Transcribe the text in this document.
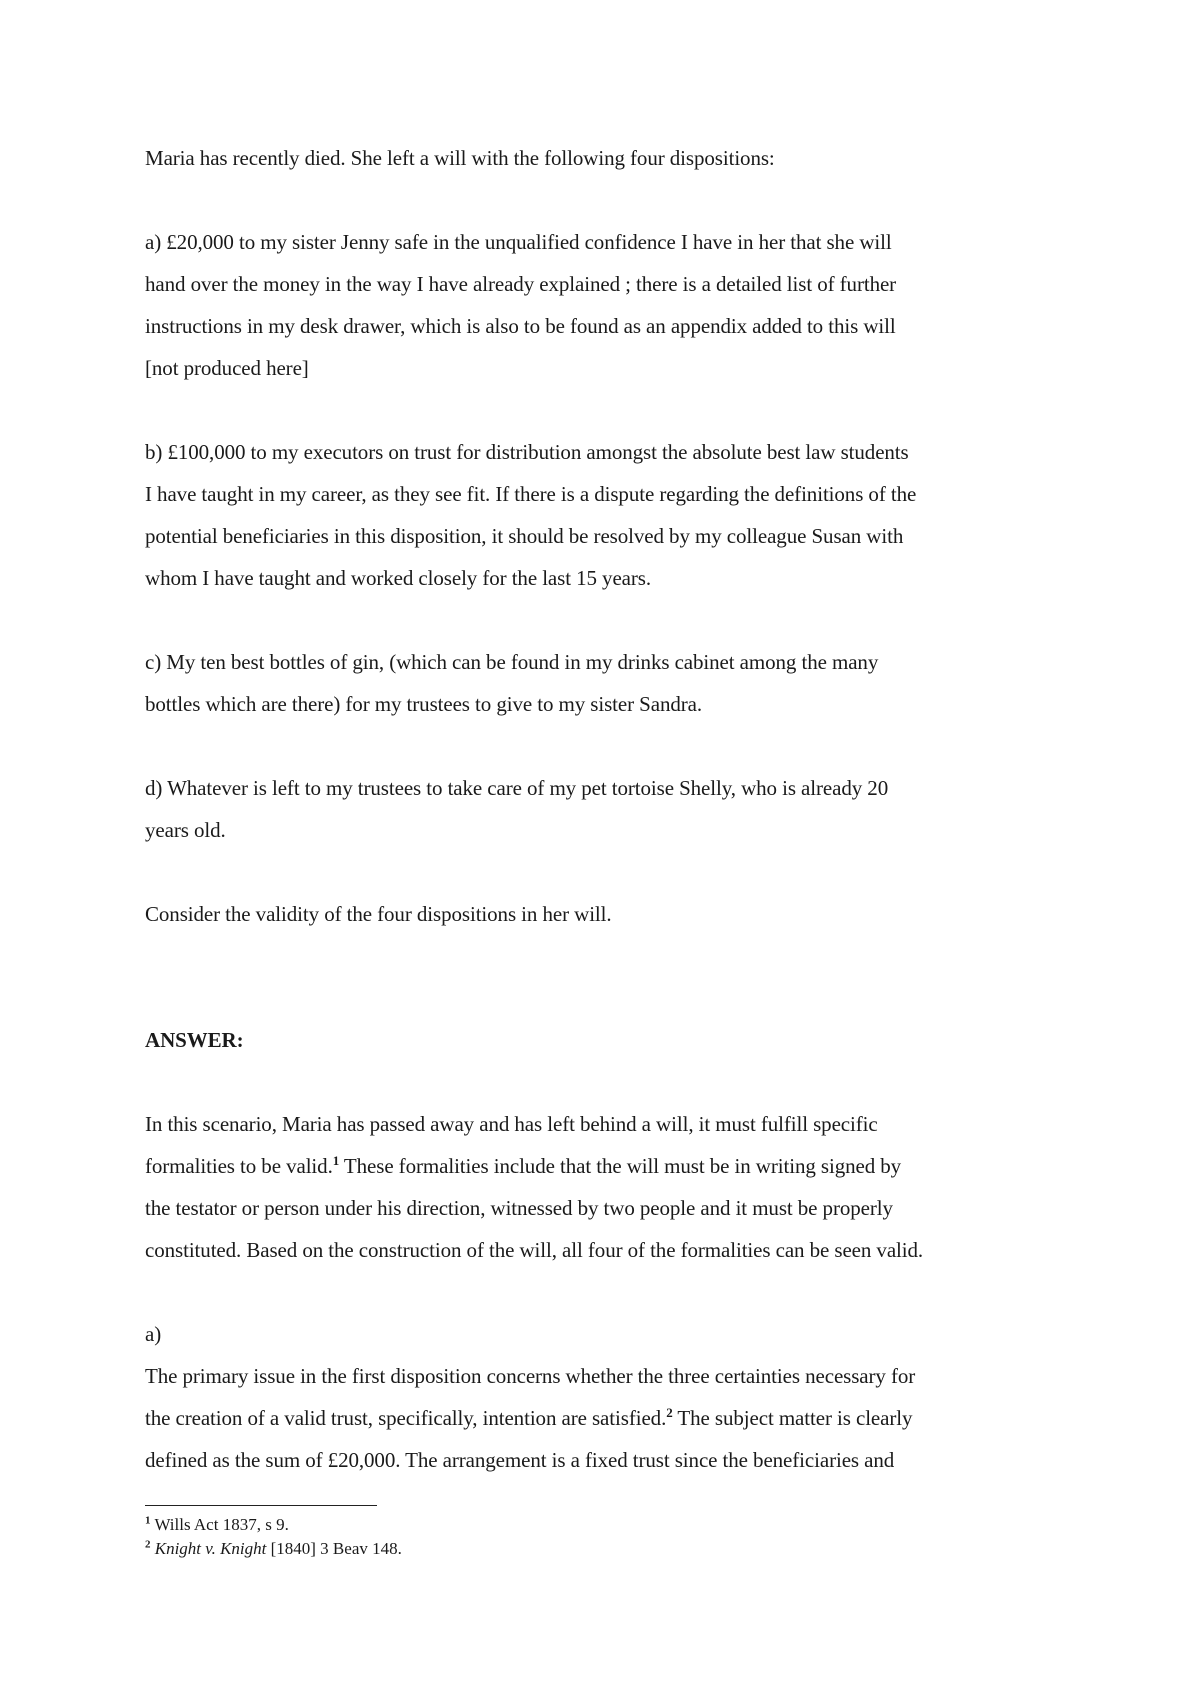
Maria has recently died. She left a will with the following four dispositions:
a) £20,000 to my sister Jenny safe in the unqualified confidence I have in her that she will
hand over the money in the way I have already explained ; there is a detailed list of further
instructions in my desk drawer, which is also to be found as an appendix added to this will
[not produced here]
b) £100,000 to my executors on trust for distribution amongst the absolute best law students
I have taught in my career, as they see fit. If there is a dispute regarding the definitions of the
potential beneficiaries in this disposition, it should be resolved by my colleague Susan with
whom I have taught and worked closely for the last 15 years.
c) My ten best bottles of gin, (which can be found in my drinks cabinet among the many
bottles which are there) for my trustees to give to my sister Sandra.
d) Whatever is left to my trustees to take care of my pet tortoise Shelly, who is already 20
years old.
Consider the validity of the four dispositions in her will.
ANSWER:
In this scenario, Maria has passed away and has left behind a will, it must fulfill specific
formalities to be valid.$^1$ These formalities include that the will must be in writing signed by
the testator or person under his direction, witnessed by two people and it must be properly
constituted. Based on the construction of the will, all four of the formalities can be seen valid.
a)
The primary issue in the first disposition concerns whether the three certainties necessary for
the creation of a valid trust, specifically, intention are satisfied.$^2$ The subject matter is clearly
defined as the sum of £20,000. The arrangement is a fixed trust since the beneficiaries and
$^1$ Wills Act 1837, s 9.
$^2$ Knight v. Knight [1840] 3 Beav 148.
